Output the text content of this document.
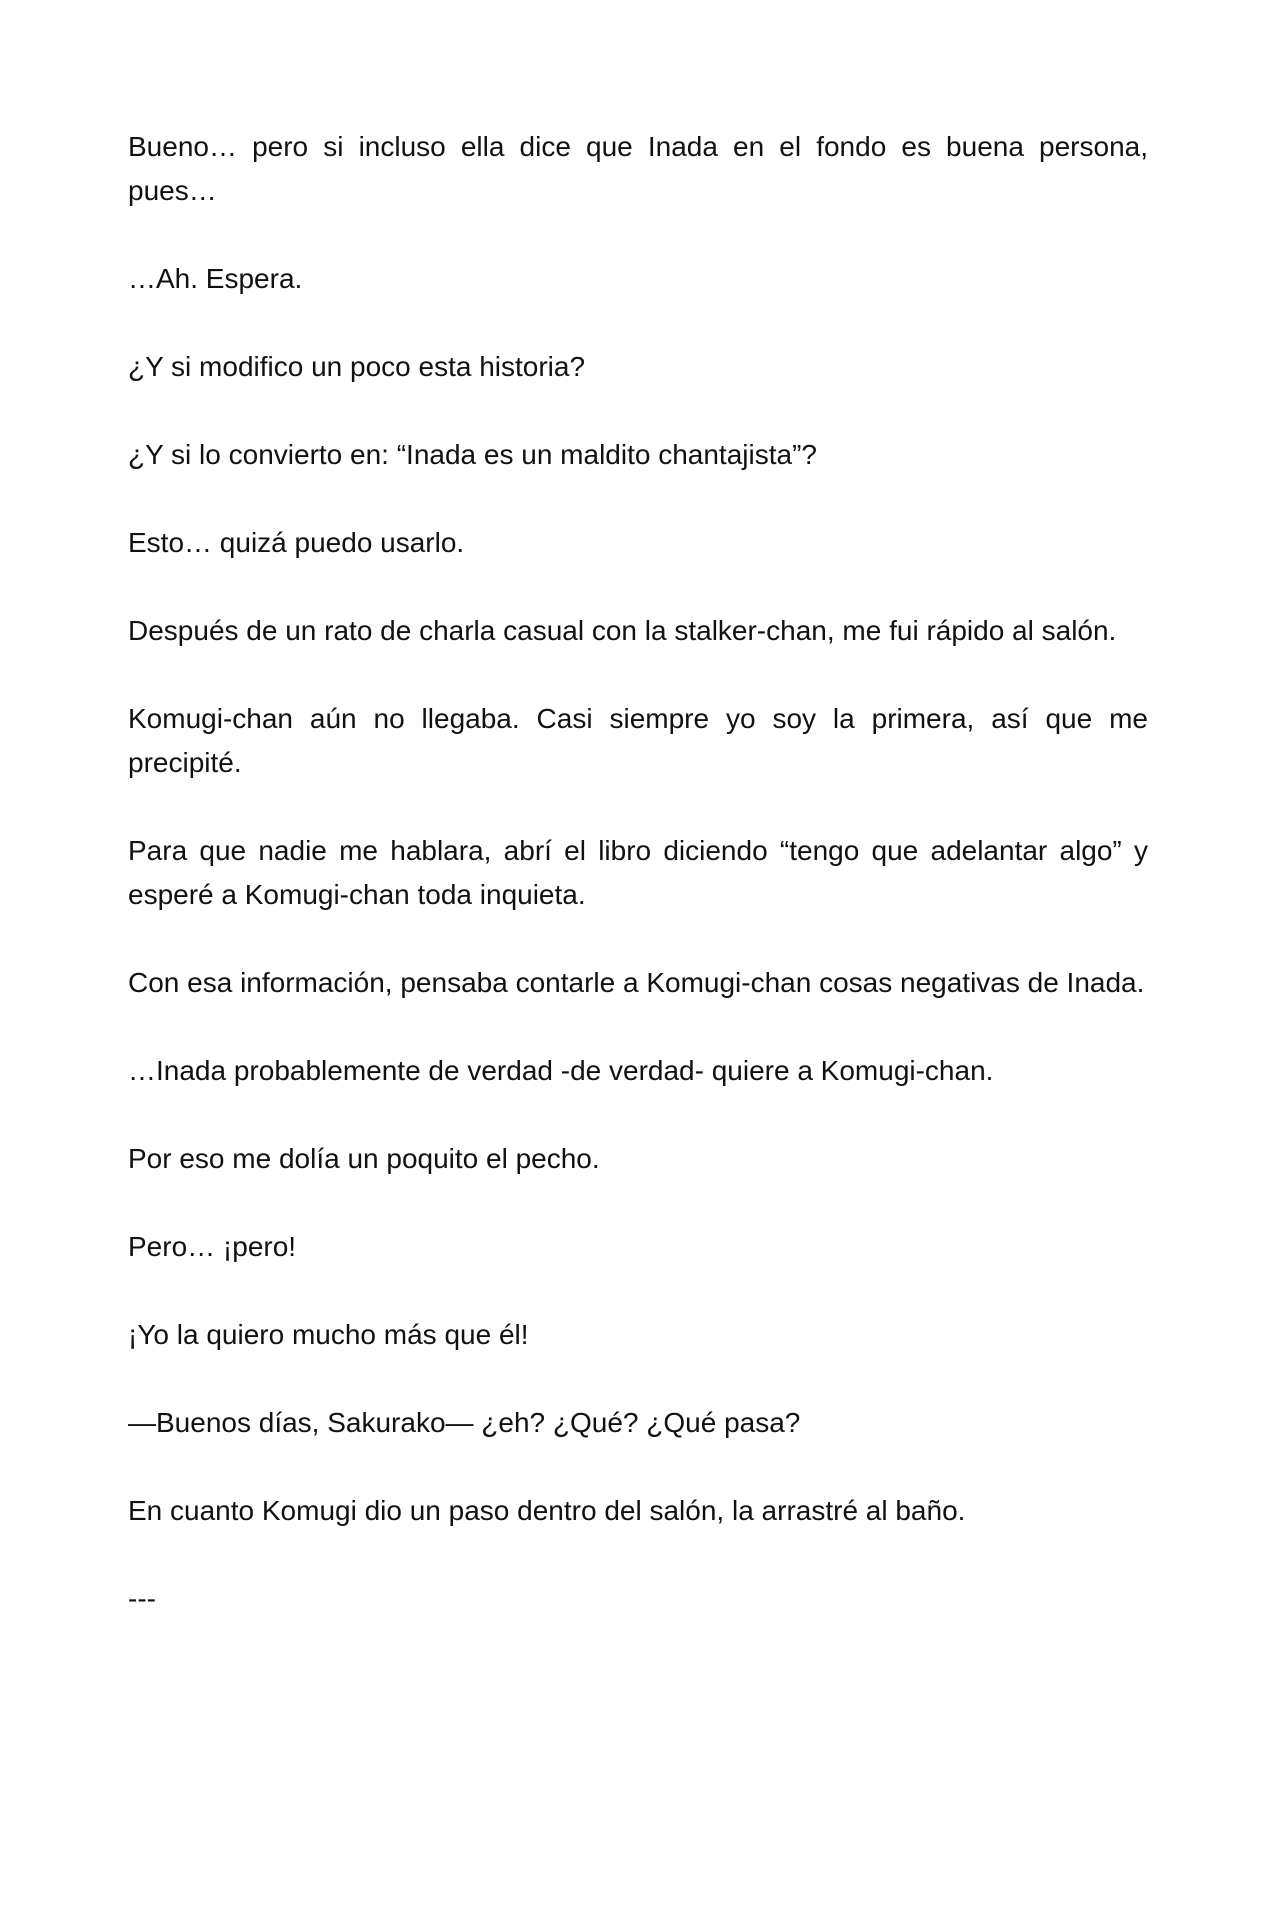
Bueno… pero si incluso ella dice que Inada en el fondo es buena persona, pues…

…Ah. Espera.

¿Y si modifico un poco esta historia?

¿Y si lo convierto en: “Inada es un maldito chantajista”?

Esto… quizá puedo usarlo.

Después de un rato de charla casual con la stalker-chan, me fui rápido al salón.

Komugi-chan aún no llegaba. Casi siempre yo soy la primera, así que me precipité.

Para que nadie me hablara, abrí el libro diciendo “tengo que adelantar algo” y esperé a Komugi-chan toda inquieta.

Con esa información, pensaba contarle a Komugi-chan cosas negativas de Inada.

…Inada probablemente de verdad -de verdad- quiere a Komugi-chan.

Por eso me dolía un poquito el pecho.

Pero… ¡pero!

¡Yo la quiero mucho más que él!

—Buenos días, Sakurako— ¿eh? ¿Qué? ¿Qué pasa?

En cuanto Komugi dio un paso dentro del salón, la arrastré al baño.

---
